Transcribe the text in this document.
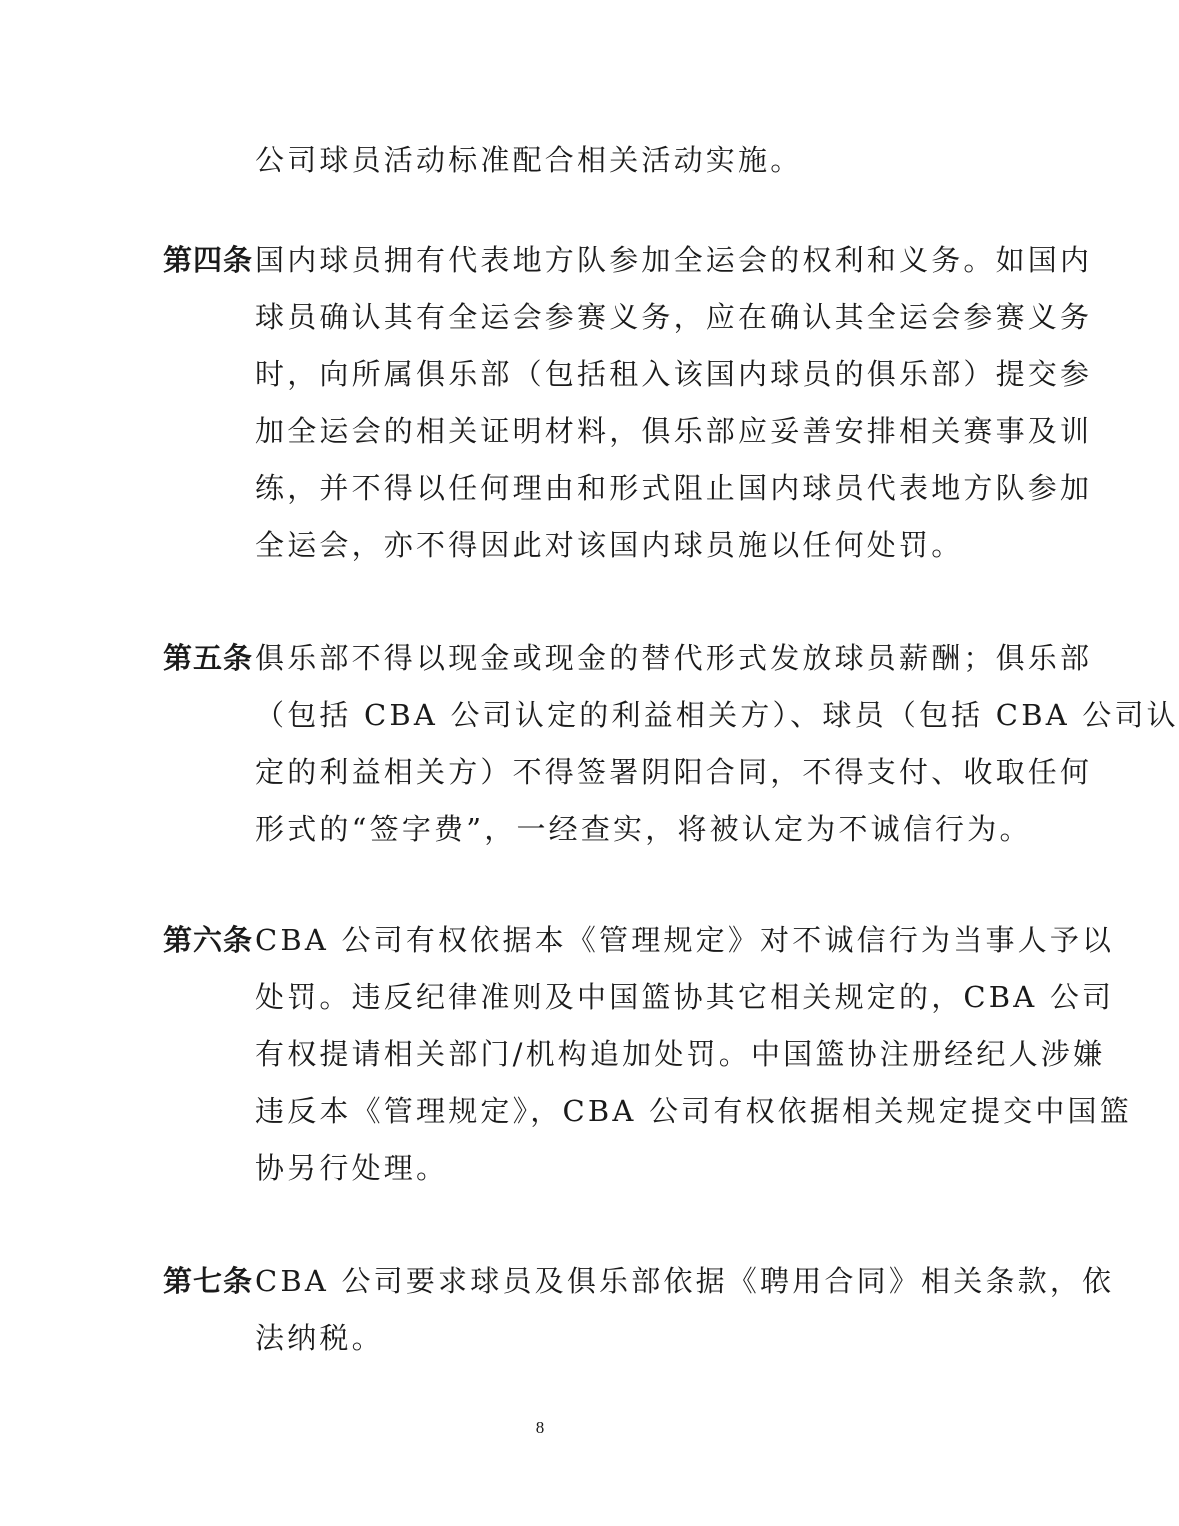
公司球员活动标准配合相关活动实施。
第四条 国内球员拥有代表地方队参加全运会的权利和义务。如国内
球员确认其有全运会参赛义务，应在确认其全运会参赛义务
时，向所属俱乐部（包括租入该国内球员的俱乐部）提交参
加全运会的相关证明材料，俱乐部应妥善安排相关赛事及训
练，并不得以任何理由和形式阻止国内球员代表地方队参加
全运会，亦不得因此对该国内球员施以任何处罚。
第五条 俱乐部不得以现金或现金的替代形式发放球员薪酬；俱乐部
（包括 CBA 公司认定的利益相关方）、球员（包括 CBA 公司认
定的利益相关方）不得签署阴阳合同，不得支付、收取任何
形式的“签字费”，一经查实，将被认定为不诚信行为。
第六条 CBA 公司有权依据本《管理规定》对不诚信行为当事人予以
处罚。违反纪律准则及中国篮协其它相关规定的，CBA 公司
有权提请相关部门/机构追加处罚。中国篮协注册经纪人涉嫌
违反本《管理规定》，CBA 公司有权依据相关规定提交中国篮
协另行处理。
第七条 CBA 公司要求球员及俱乐部依据《聘用合同》相关条款，依
法纳税。
8
